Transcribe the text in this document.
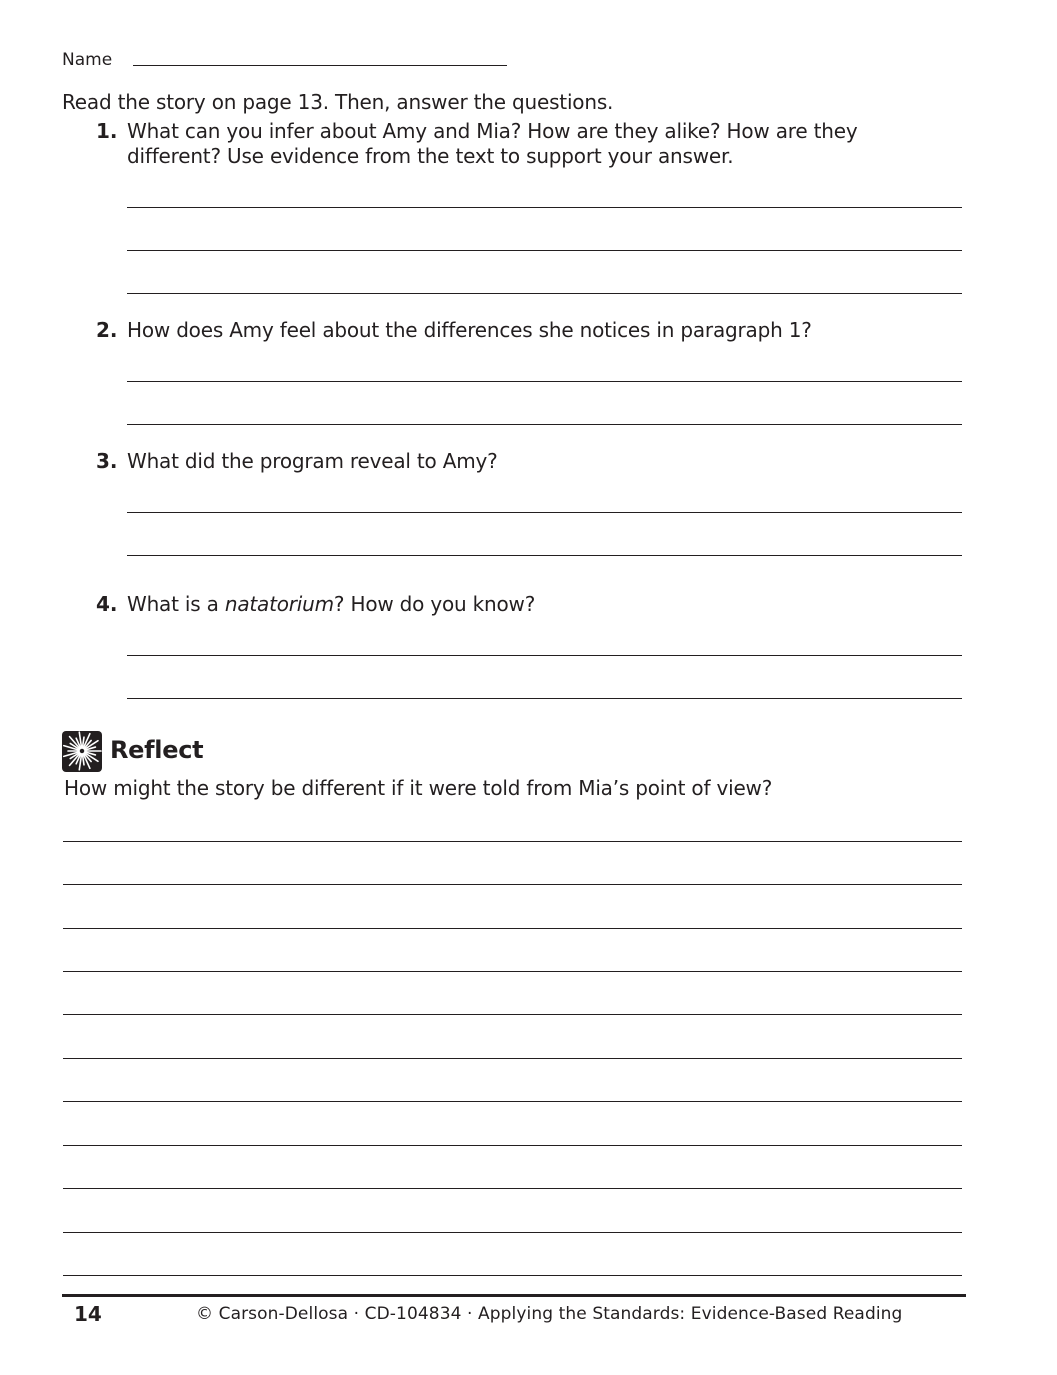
Name
Read the story on page 13. Then, answer the questions.
1. What can you infer about Amy and Mia? How are they alike? How are they different? Use evidence from the text to support your answer.
2. How does Amy feel about the differences she notices in paragraph 1?
3. What did the program reveal to Amy?
4. What is a natatorium? How do you know?
Reflect
How might the story be different if it were told from Mia’s point of view?
14	© Carson-Dellosa · CD-104834 · Applying the Standards: Evidence-Based Reading
